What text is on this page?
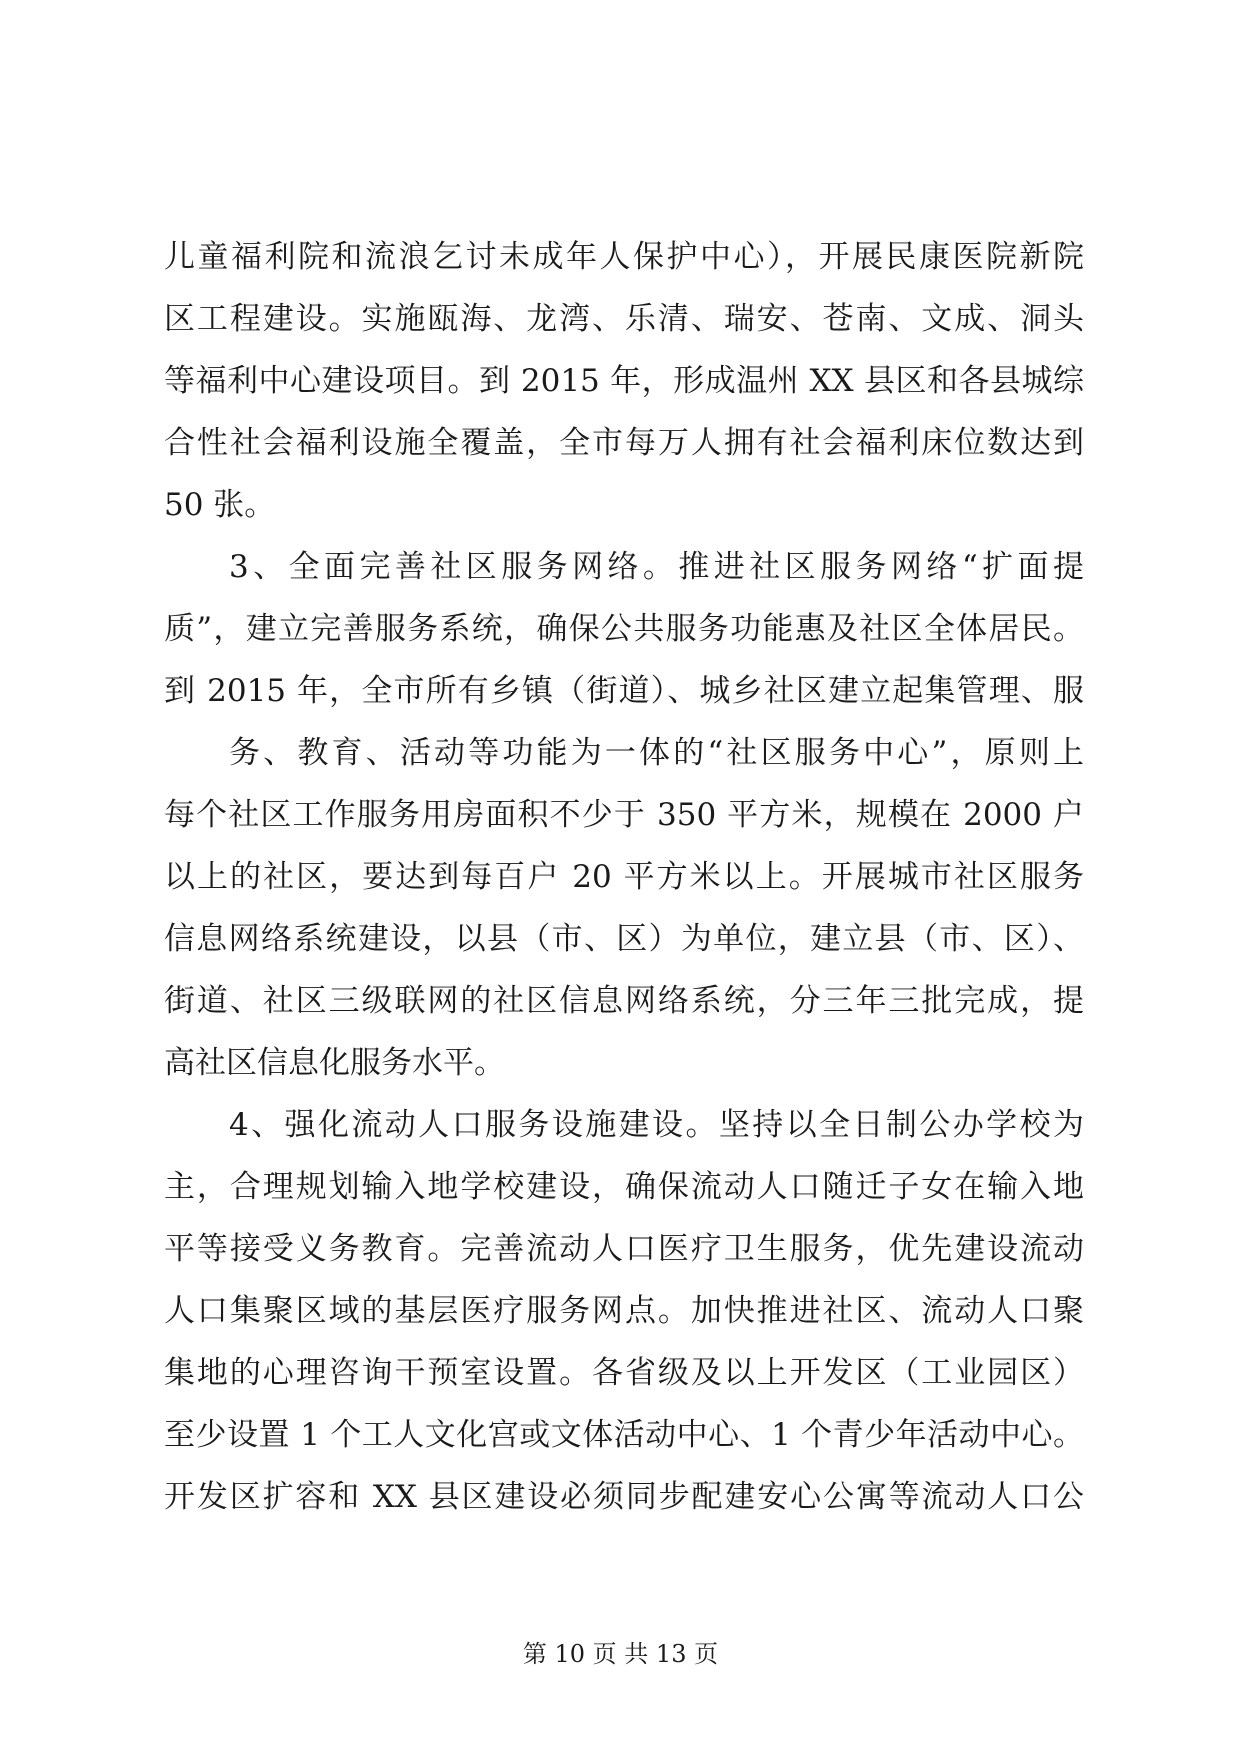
儿童福利院和流浪乞讨未成年人保护中心），开展民康医院新院
区工程建设。实施瓯海、龙湾、乐清、瑞安、苍南、文成、洞头
等福利中心建设项目。到 2015 年，形成温州 XX 县区和各县城综
合性社会福利设施全覆盖，全市每万人拥有社会福利床位数达到
50 张。
3、全面完善社区服务网络。推进社区服务网络“扩面提
质”，建立完善服务系统，确保公共服务功能惠及社区全体居民。
到 2015 年，全市所有乡镇（街道）、城乡社区建立起集管理、服
务、教育、活动等功能为一体的“社区服务中心”，原则上
每个社区工作服务用房面积不少于 350 平方米，规模在 2000 户
以上的社区，要达到每百户 20 平方米以上。开展城市社区服务
信息网络系统建设，以县（市、区）为单位，建立县（市、区）、
街道、社区三级联网的社区信息网络系统，分三年三批完成，提
高社区信息化服务水平。
4、强化流动人口服务设施建设。坚持以全日制公办学校为
主，合理规划输入地学校建设，确保流动人口随迁子女在输入地
平等接受义务教育。完善流动人口医疗卫生服务，优先建设流动
人口集聚区域的基层医疗服务网点。加快推进社区、流动人口聚
集地的心理咨询干预室设置。各省级及以上开发区（工业园区）
至少设置 1 个工人文化宫或文体活动中心、1 个青少年活动中心。
开发区扩容和 XX 县区建设必须同步配建安心公寓等流动人口公
第 10 页 共 13 页
